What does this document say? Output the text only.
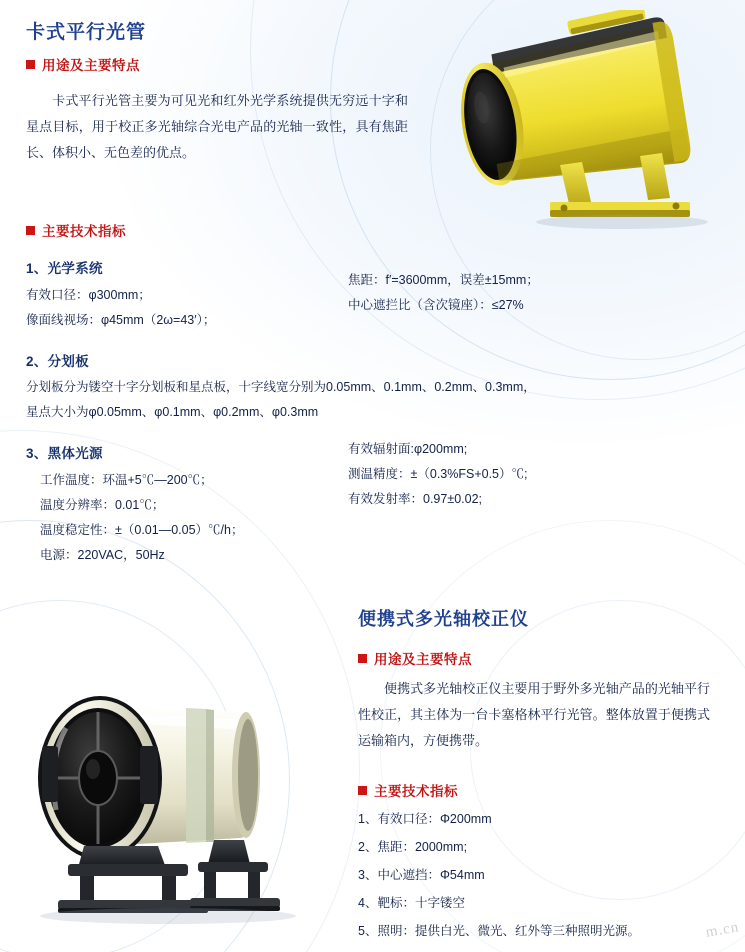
卡式平行光管
用途及主要特点
卡式平行光管主要为可见光和红外光学系统提供无穷远十字和星点目标，用于校正多光轴综合光电产品的光轴一致性，具有焦距长、体积小、无色差的优点。
主要技术指标
1、光学系统
有效口径：φ300mm；
像面线视场：φ45mm（2ω=43′）；
焦距：f′=3600mm，误差±15mm；
中心遮拦比（含次镜座）：≤27%
2、分划板
分划板分为镂空十字分划板和星点板，十字线宽分别为0.05mm、0.1mm、0.2mm、0.3mm，
星点大小为φ0.05mm、φ0.1mm、φ0.2mm、φ0.3mm
3、黑体光源
工作温度：环温+5℃—200℃；
温度分辨率：0.01℃；
温度稳定性：±（0.01—0.05）℃/h；
电源：220VAC，50Hz
有效辐射面:φ200mm;
测温精度：±（0.3%FS+0.5）℃;
有效发射率：0.97±0.02;
便携式多光轴校正仪
用途及主要特点
便携式多光轴校正仪主要用于野外多光轴产品的光轴平行性校正，其主体为一台卡塞格林平行光管。整体放置于便携式运输箱内，方便携带。
主要技术指标
1、有效口径：Φ200mm
2、焦距：2000mm;
3、中心遮挡：Φ54mm
4、靶标：十字镂空
5、照明：提供白光、微光、红外等三种照明光源。	m.cn
